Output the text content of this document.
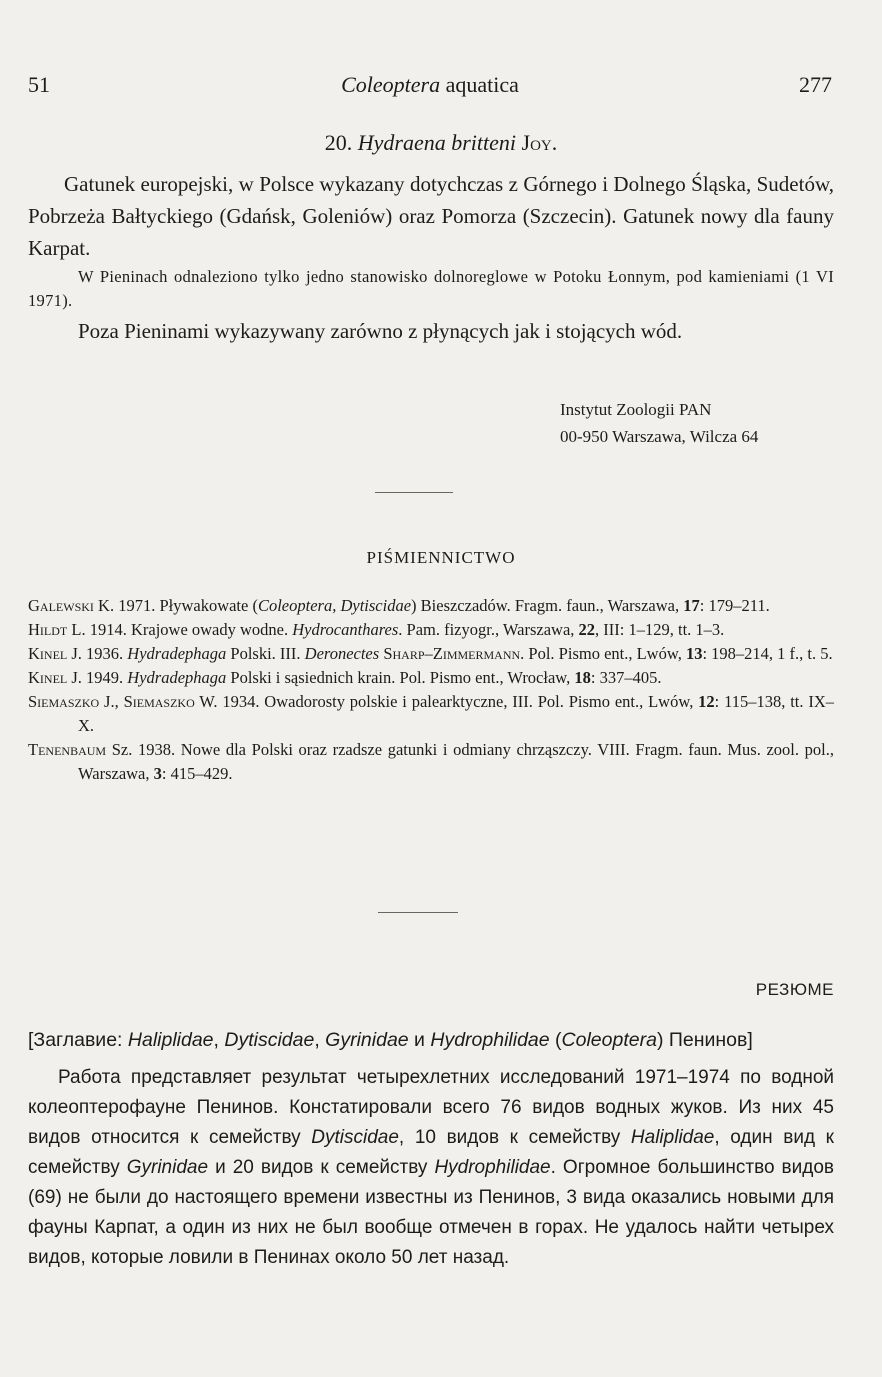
51	Coleoptera aquatica	277
20. Hydraena britteni Joy.
Gatunek europejski, w Polsce wykazany dotychczas z Górnego i Dolnego Śląska, Sudetów, Pobrzeża Bałtyckiego (Gdańsk, Goleniów) oraz Pomorza (Szczecin). Gatunek nowy dla fauny Karpat.
W Pieninach odnaleziono tylko jedno stanowisko dolnoreglowe w Potoku Łonnym, pod kamieniami (1 VI 1971).
Poza Pieninami wykazywany zarówno z płynących jak i stojących wód.
Instytut Zoologii PAN
00-950 Warszawa, Wilcza 64
PIŚMIENNICTWO

Galewski K. 1971. Pływakowate (Coleoptera, Dytiscidae) Bieszczadów. Fragm. faun., Warszawa, 17: 179–211.

Hildt L. 1914. Krajowe owady wodne. Hydrocanthares. Pam. fizyogr., Warszawa, 22, III: 1–129, tt. 1–3.

Kinel J. 1936. Hydradephaga Polski. III. Deronectes Sharp–Zimmermann. Pol. Pismo ent., Lwów, 13: 198–214, 1 f., t. 5.

Kinel J. 1949. Hydradephaga Polski i sąsiednich krain. Pol. Pismo ent., Wrocław, 18: 337–405.

Siemaszko J., Siemaszko W. 1934. Owadorosty polskie i palearktyczne, III. Pol. Pismo ent., Lwów, 12: 115–138, tt. IX–X.

Tenenbaum Sz. 1938. Nowe dla Polski oraz rzadsze gatunki i odmiany chrząszczy. VIII. Fragm. faun. Mus. zool. pol., Warszawa, 3: 415–429.

РЕЗЮМЕ
[Заглавие: Haliplidae, Dytiscidae, Gyrinidae и Hydrophilidae (Coleoptera) Пенинов]
Работа представляет результат четырехлетних исследований 1971–1974 по водной колеоптерофауне Пенинов. Констатировали всего 76 видов водных жуков. Из них 45 видов относится к семейству Dytiscidae, 10 видов к семейству Haliplidae, один вид к семейству Gyrinidae и 20 видов к семейству Hydrophilidae. Огромное большинство видов (69) не были до настоящего времени известны из Пенинов, 3 вида оказались новыми для фауны Карпат, а один из них не был вообще отмечен в горах. Не удалось найти четырех видов, которые ловили в Пенинах около 50 лет назад.
